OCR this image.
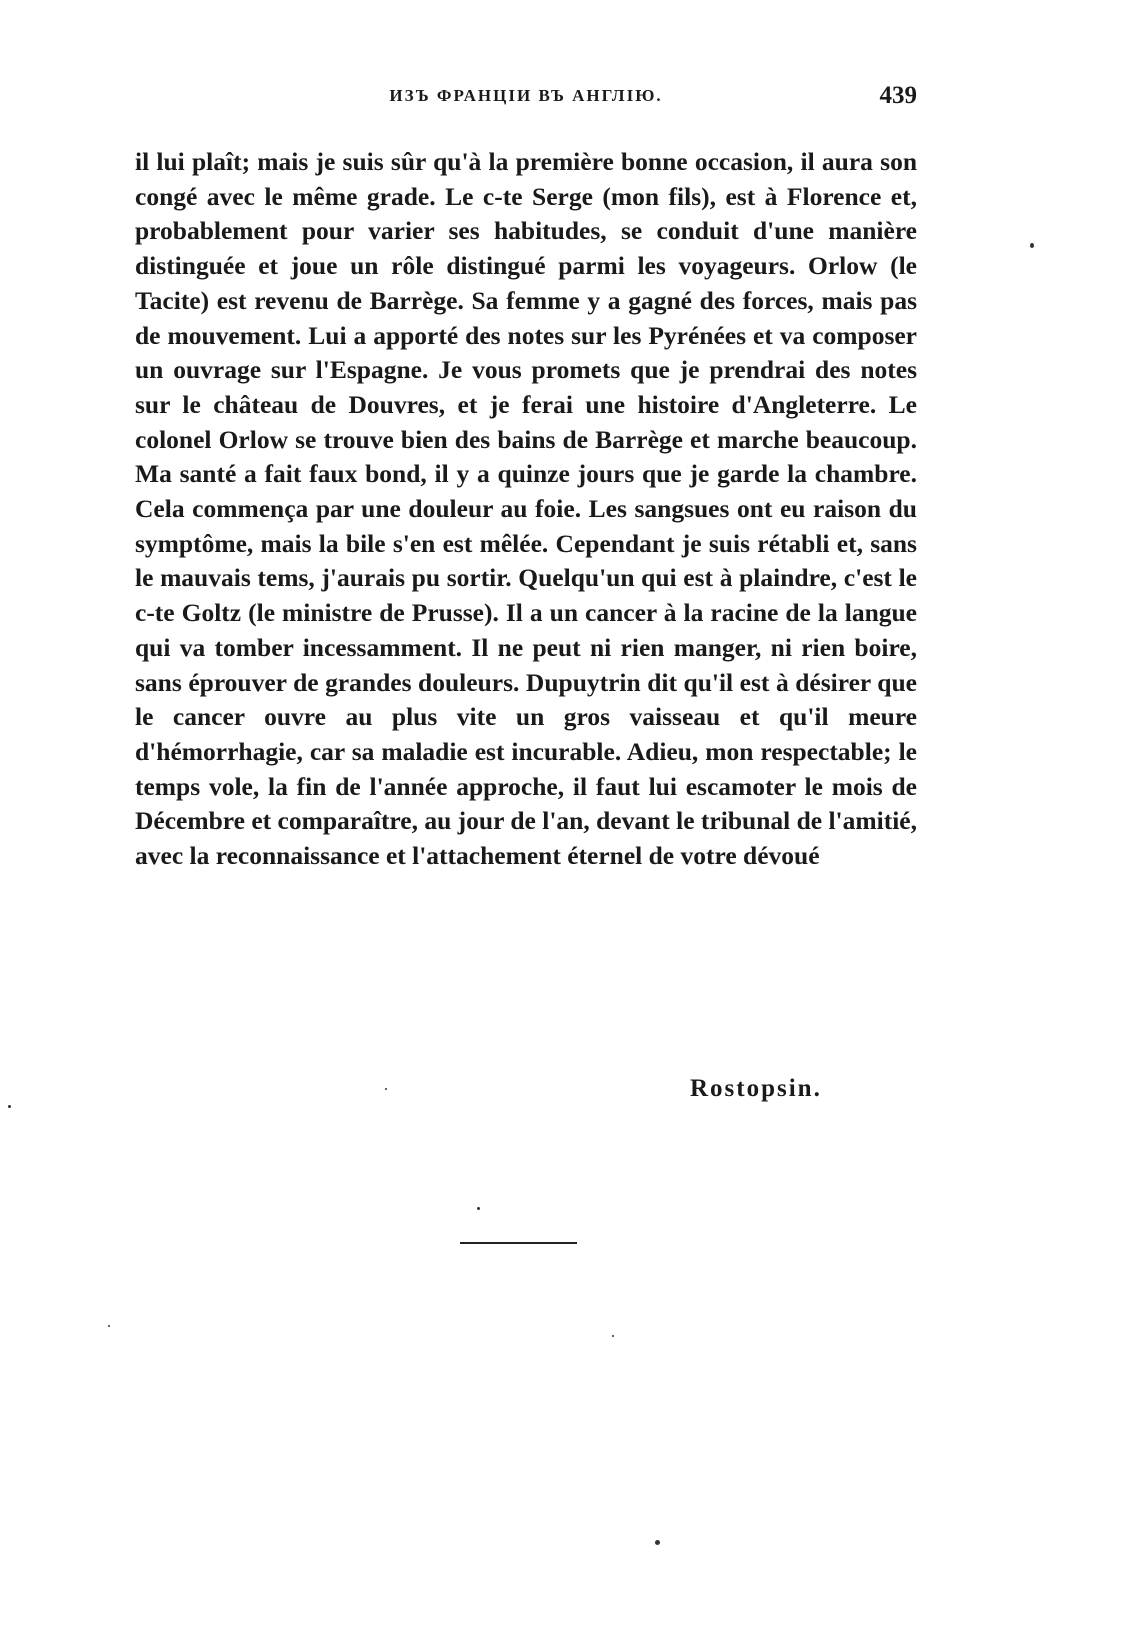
ИЗЪ ФРАНЦІИ ВЪ АНГЛІЮ.	439

il lui plaît; mais je suis sûr qu'à la première bonne occasion, il aura son congé avec le même grade. Le c-te Serge (mon fils), est à Florence et, probablement pour varier ses habitudes, se conduit d'une manière distinguée et joue un rôle distingué parmi les voyageurs. Orlow (le Tacite) est revenu de Barrège. Sa femme y a gagné des forces, mais pas de mouvement. Lui a apporté des notes sur les Pyrénées et va composer un ouvrage sur l'Espagne. Je vous promets que je prendrai des notes sur le château de Douvres, et je ferai une histoire d'Angleterre. Le colonel Orlow se trouve bien des bains de Barrège et marche beaucoup. Ma santé a fait faux bond, il y a quinze jours que je garde la chambre. Cela commença par une douleur au foie. Les sangsues ont eu raison du symptôme, mais la bile s'en est mêlée. Cependant je suis rétabli et, sans le mauvais tems, j'aurais pu sortir. Quelqu'un qui est à plaindre, c'est le c-te Goltz (le ministre de Prusse). Il a un cancer à la racine de la langue qui va tomber incessamment. Il ne peut ni rien manger, ni rien boire, sans éprouver de grandes douleurs. Dupuytrin dit qu'il est à désirer que le cancer ouvre au plus vite un gros vaisseau et qu'il meure d'hémorrhagie, car sa maladie est incurable. Adieu, mon respectable; le temps vole, la fin de l'année approche, il faut lui escamoter le mois de Décembre et comparaître, au jour de l'an, devant le tribunal de l'amitié, avec la reconnaissance et l'attachement éternel de votre dévoué

Rostopsin.
